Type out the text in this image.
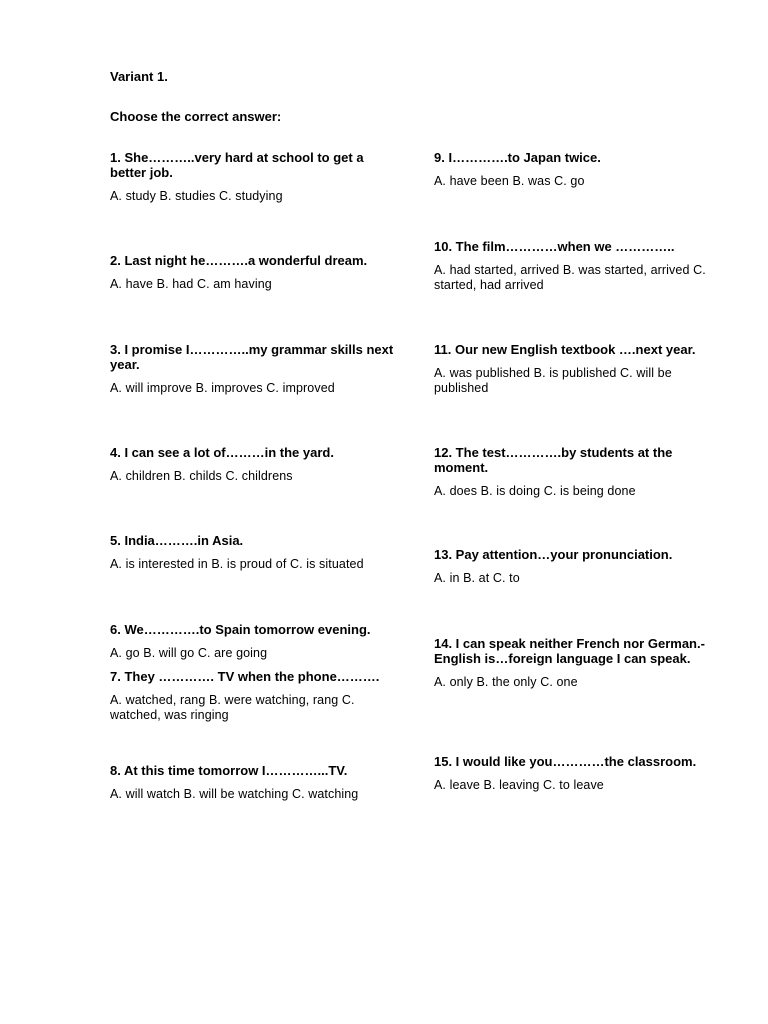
Variant 1.
Choose the correct answer:

1. She………..very hard at school to get a better job.

A. study B. studies C. studying

2. Last night he……….a wonderful dream.

A. have B. had C. am having

3. I promise I…………..my grammar skills next year.

A. will improve B. improves C. improved

4. I can see a lot of………in the yard.

A. children B. childs C. childrens

5. India……….in Asia.

A. is interested in B. is proud of C. is situated

6. We………….to Spain tomorrow evening.

A. go B. will go C. are going

7. They …………. TV when the phone……….

A. watched, rang B. were watching, rang C. watched, was ringing

8. At this time tomorrow I…………...TV.

A. will watch B. will be watching C. watching

9. I………….to Japan twice.

A. have been B. was C. go

10. The film…………when we …………..

A. had started, arrived B. was started, arrived C. started, had arrived

11. Our new English textbook ….next year.

A. was published B. is published C. will be published

12. The test………….by students at the moment.

A. does B. is doing C. is being done

13. Pay attention…your pronunciation.

A. in B. at C. to

14. I can speak neither French nor German.- English is…foreign language I can speak.

A. only B. the only C. one

15. I would like you…………the classroom.

A. leave B. leaving C. to leave
